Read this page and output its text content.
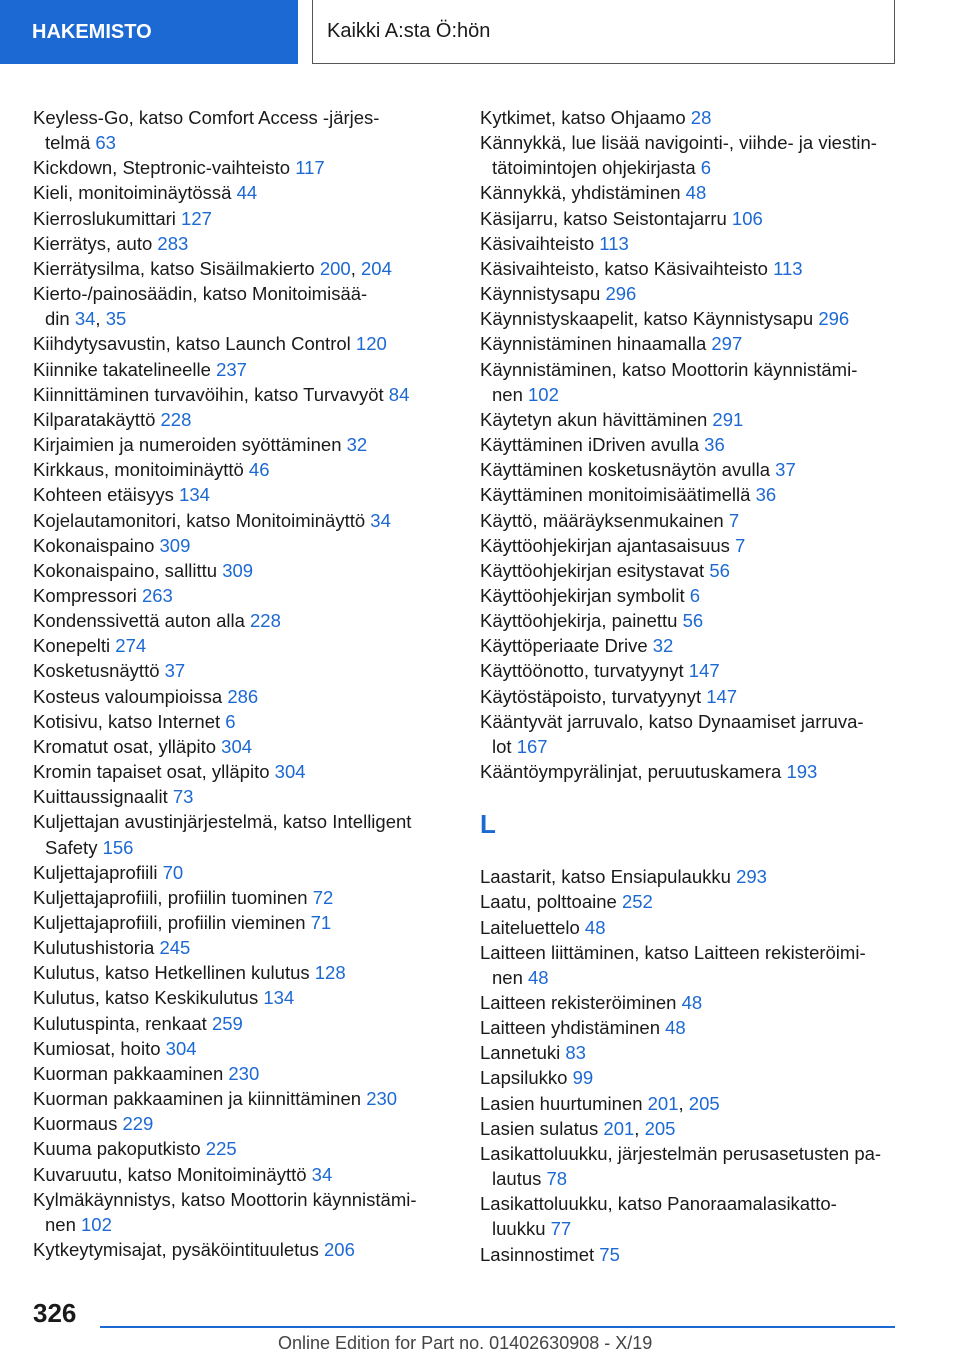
HAKEMISTO	Kaikki A:sta Ö:hön
Keyless-Go, katso Comfort Access -järjes-
telmä 63
Kickdown, Steptronic-vaihteisto 117
Kieli, monitoiminäytössä 44
Kierroslukumittari 127
Kierrätys, auto 283
Kierrätysilma, katso Sisäilmakierto 200, 204
Kierto-/painosäädin, katso Monitoimisää-
din 34, 35
Kiihdytysavustin, katso Launch Control 120
Kiinnike takatelineelle 237
Kiinnittäminen turvavöihin, katso Turvavyöt 84
Kilparatakäyttö 228
Kirjaimien ja numeroiden syöttäminen 32
Kirkkaus, monitoiminäyttö 46
Kohteen etäisyys 134
Kojelautamonitori, katso Monitoiminäyttö 34
Kokonaispaino 309
Kokonaispaino, sallittu 309
Kompressori 263
Kondenssivettä auton alla 228
Konepelti 274
Kosketusnäyttö 37
Kosteus valoumpioissa 286
Kotisivu, katso Internet 6
Kromatut osat, ylläpito 304
Kromin tapaiset osat, ylläpito 304
Kuittaussignaalit 73
Kuljettajan avustinjärjestelmä, katso Intelligent
Safety 156
Kuljettajaprofiili 70
Kuljettajaprofiili, profiilin tuominen 72
Kuljettajaprofiili, profiilin vieminen 71
Kulutushistoria 245
Kulutus, katso Hetkellinen kulutus 128
Kulutus, katso Keskikulutus 134
Kulutuspinta, renkaat 259
Kumiosat, hoito 304
Kuorman pakkaaminen 230
Kuorman pakkaaminen ja kiinnittäminen 230
Kuormaus 229
Kuuma pakoputkisto 225
Kuvaruutu, katso Monitoiminäyttö 34
Kylmäkäynnistys, katso Moottorin käynnistämi-
nen 102
Kytkeytymisajat, pysäköintituuletus 206
Kytkimet, katso Ohjaamo 28
Kännykkä, lue lisää navigointi-, viihde- ja viestin-
tätoimintojen ohjekirjasta 6
Kännykkä, yhdistäminen 48
Käsijarru, katso Seistontajarru 106
Käsivaihteisto 113
Käsivaihteisto, katso Käsivaihteisto 113
Käynnistysapu 296
Käynnistyskaapelit, katso Käynnistysapu 296
Käynnistäminen hinaamalla 297
Käynnistäminen, katso Moottorin käynnistämi-
nen 102
Käytetyn akun hävittäminen 291
Käyttäminen iDriven avulla 36
Käyttäminen kosketusnäytön avulla 37
Käyttäminen monitoimisäätimellä 36
Käyttö, määräyksenmukainen 7
Käyttöohjekirjan ajantasaisuus 7
Käyttöohjekirjan esitystavat 56
Käyttöohjekirjan symbolit 6
Käyttöohjekirja, painettu 56
Käyttöperiaate Drive 32
Käyttöönotto, turvatyynyt 147
Käytöstäpoisto, turvatyynyt 147
Kääntyvät jarruvalo, katso Dynaamiset jarruva-
lot 167
Kääntöympyrälinjat, peruutuskamera 193
L
Laastarit, katso Ensiapulaukku 293
Laatu, polttoaine 252
Laiteluettelo 48
Laitteen liittäminen, katso Laitteen rekisteröimi-
nen 48
Laitteen rekisteröiminen 48
Laitteen yhdistäminen 48
Lannetuki 83
Lapsilukko 99
Lasien huurtuminen 201, 205
Lasien sulatus 201, 205
Lasikattoluukku, järjestelmän perusasetusten pa-
lautus 78
Lasikattoluukku, katso Panoraamalasikatto-
luukku 77
Lasinnostimet 75
326
Online Edition for Part no. 01402630908 - X/19
